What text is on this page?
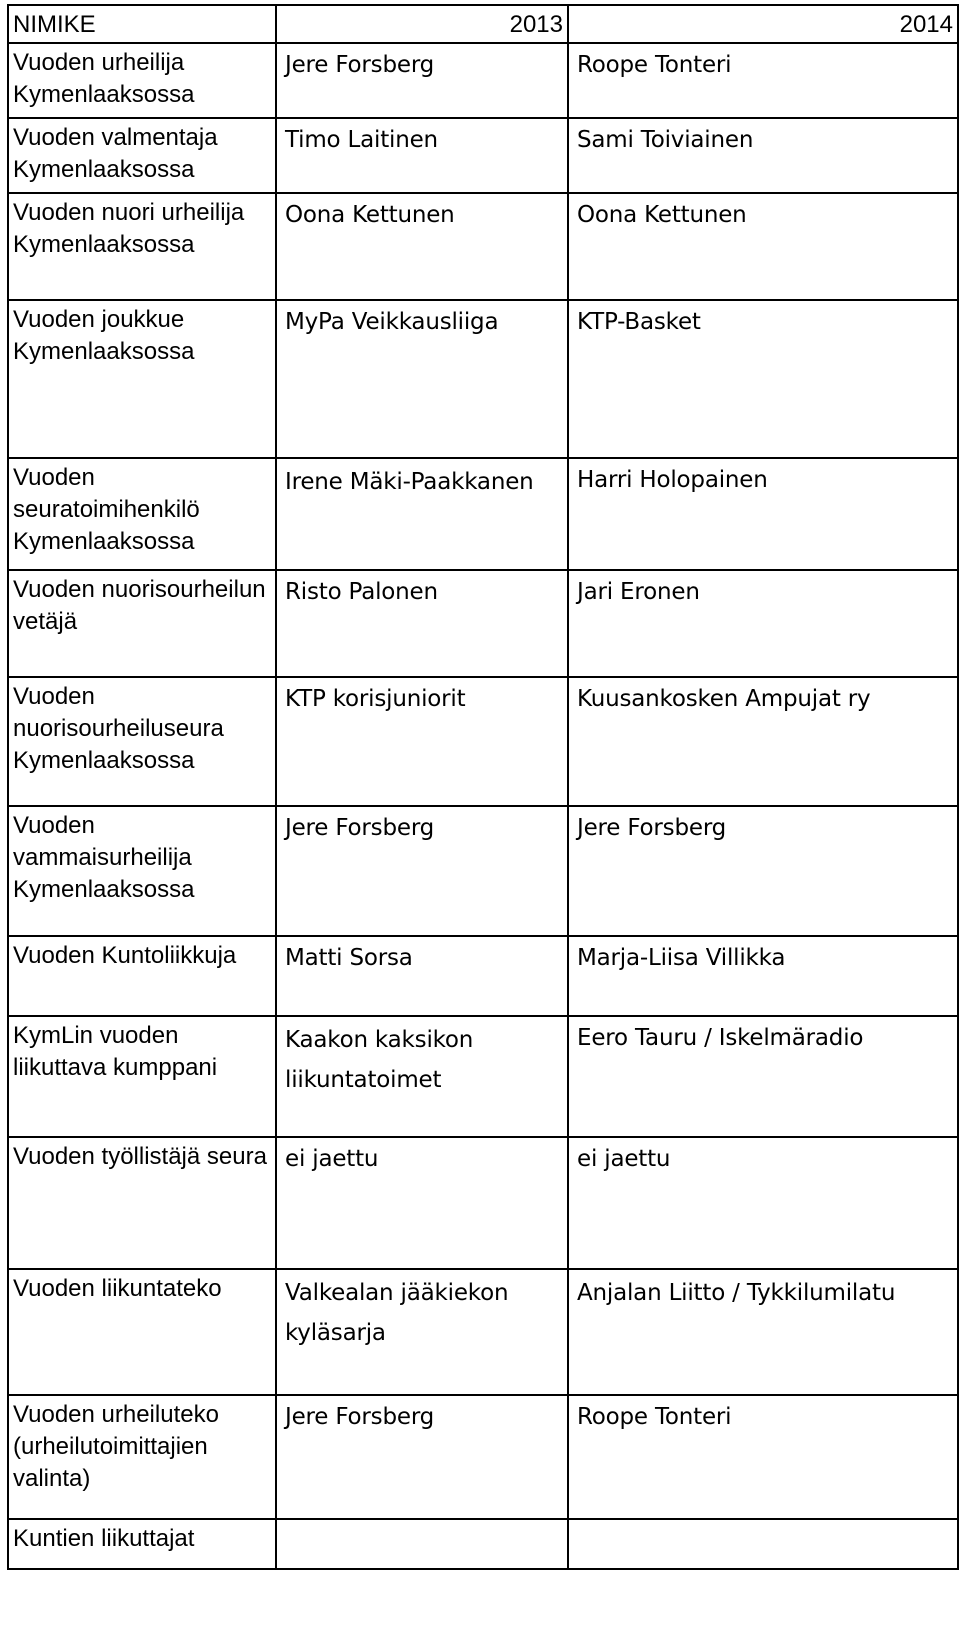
NIMIKE	2013	2014
Vuoden urheilija Kymenlaaksossa	Jere Forsberg	Roope Tonteri
Vuoden valmentaja Kymenlaaksossa	Timo Laitinen	Sami Toiviainen
Vuoden nuori urheilija Kymenlaaksossa	Oona Kettunen	Oona Kettunen
Vuoden joukkue Kymenlaaksossa	MyPa Veikkausliiga	KTP-Basket
Vuoden seuratoimihenkilö Kymenlaaksossa	Irene Mäki-Paakkanen	Harri Holopainen
Vuoden nuorisourheilun vetäjä	Risto Palonen	Jari Eronen
Vuoden nuorisourheiluseura Kymenlaaksossa	KTP korisjuniorit	Kuusankosken Ampujat ry
Vuoden vammaisurheilija Kymenlaaksossa	Jere Forsberg	Jere Forsberg
Vuoden Kuntoliikkuja	Matti Sorsa	Marja-Liisa Villikka
KymLin vuoden liikuttava kumppani	Kaakon kaksikon liikuntatoimet	Eero Tauru / Iskelmäradio
Vuoden työllistäjä seura	ei jaettu	ei jaettu
Vuoden liikuntateko	Valkealan jääkiekon kyläsarja	Anjalan Liitto / Tykkilumilatu
Vuoden urheiluteko (urheilutoimittajien valinta)	Jere Forsberg	Roope Tonteri
Kuntien liikuttajat		
